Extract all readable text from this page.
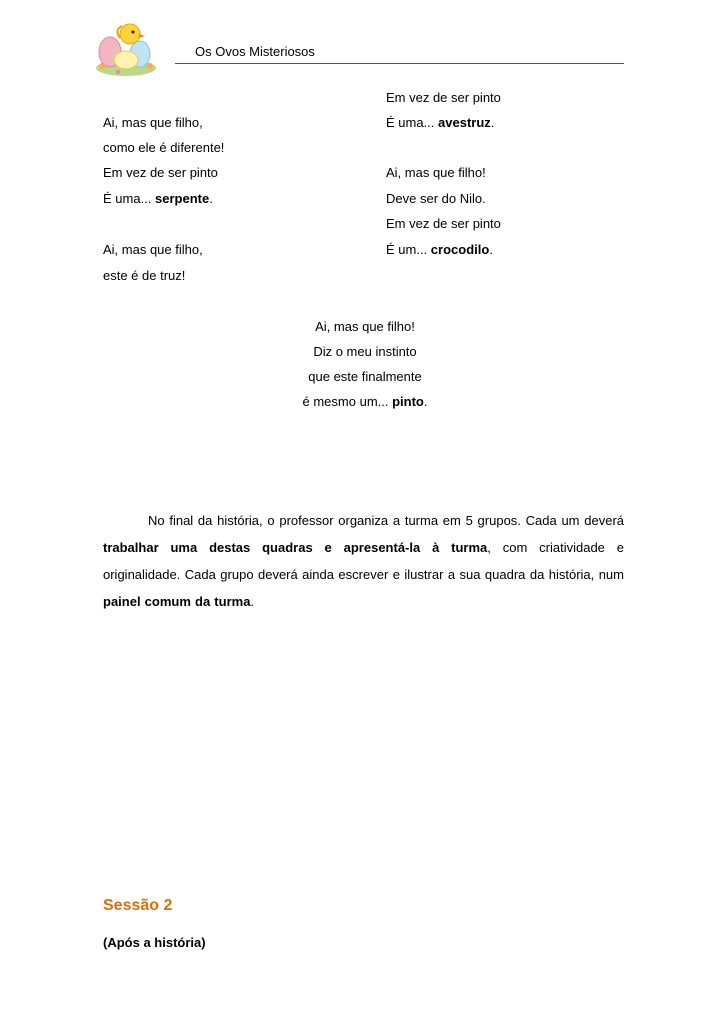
Os Ovos Misteriosos
Em vez de ser pinto
É uma... avestruz.
Ai, mas que filho!
Deve ser do Nilo.
Em vez de ser pinto
É um... crocodilo.
Ai, mas que filho,
como ele é diferente!
Em vez de ser pinto
É uma... serpente.
Ai, mas que filho,
este é de truz!
Ai, mas que filho!
Diz o meu instinto
que este finalmente
é mesmo um... pinto.
No final da história, o professor organiza a turma em 5 grupos. Cada um deverá trabalhar uma destas quadras e apresentá-la à turma, com criatividade e originalidade. Cada grupo deverá ainda escrever e ilustrar a sua quadra da história, num painel comum da turma.
Sessão 2
(Após a história)
